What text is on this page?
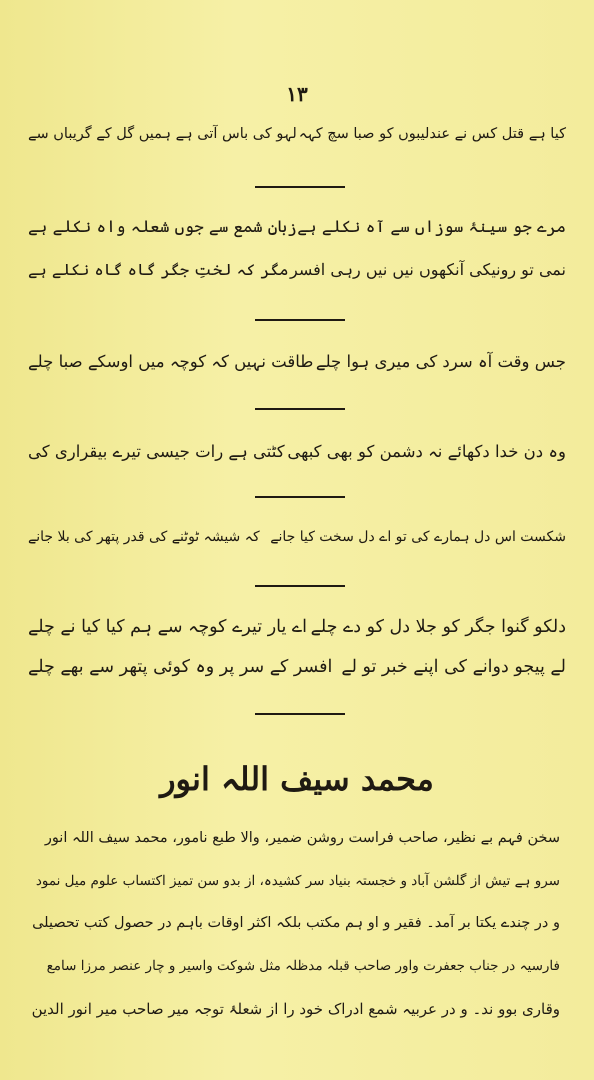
۱۳
کیا ہے قتل کس نے عندلیبوں کو صبا سچ کہہ
لہو کی باس آتی ہے ہمیں گل کے گریباں سے
مرے جو سینۂ سوزاں سے آہ نکلے ہے
زبانِ شمع سے جوں شعلہ واہ نکلے ہے
نمی تو رونیکی آنکھوں نیں نیں رہی افسر
مگر کہ لختِ جگر گاہ گاہ نکلے ہے
جس وقت آہ سرد کی میری ہوا چلے
طاقت نہیں کہ کوچہ میں اوسکے صبا چلے
وہ دن خدا دکھائے نہ دشمن کو بھی کبھی
کٹتی ہے رات جیسی تیرے بیقراری کی
شکست اس دل ہمارے کی تو اے دل سخت کیا جانے
کہ شیشہ ٹوٹنے کی قدر پتھر کی بلا جانے
دلکو گنوا جگر کو جلا دل کو دے چلے
اے یار تیرے کوچہ سے ہم کیا کیا نے چلے
لے پیجو دوانے کی اپنے خبر تو لے
افسر کے سر پر وہ کوئی پتھر سے بھے چلے
محمد سیف اللہ انور
سخن فہم بے نظیر، صاحب فراست روشن ضمیر، والا طبع نامور، محمد سیف اللہ انور
سرو ہے تیش از گلشن آباد و خجستہ بنیاد سر کشیدہ، از بدو سن تمیز اکتساب علوم میل نمود
و در چندے یکتا بر آمد۔ فقیر و او ہم مکتب بلکہ اکثر اوقات باہم در حصول کتب تحصیلی
فارسیہ در جناب جعفرت واور صاحب قبلہ مدظلہ مثل شوکت واسیر و چار عنصر مرزا سامع
وقاری بوو ند۔ و در عربیہ شمع ادراک خود را از شعلۂ توجہ میر صاحب میر انور الدین
